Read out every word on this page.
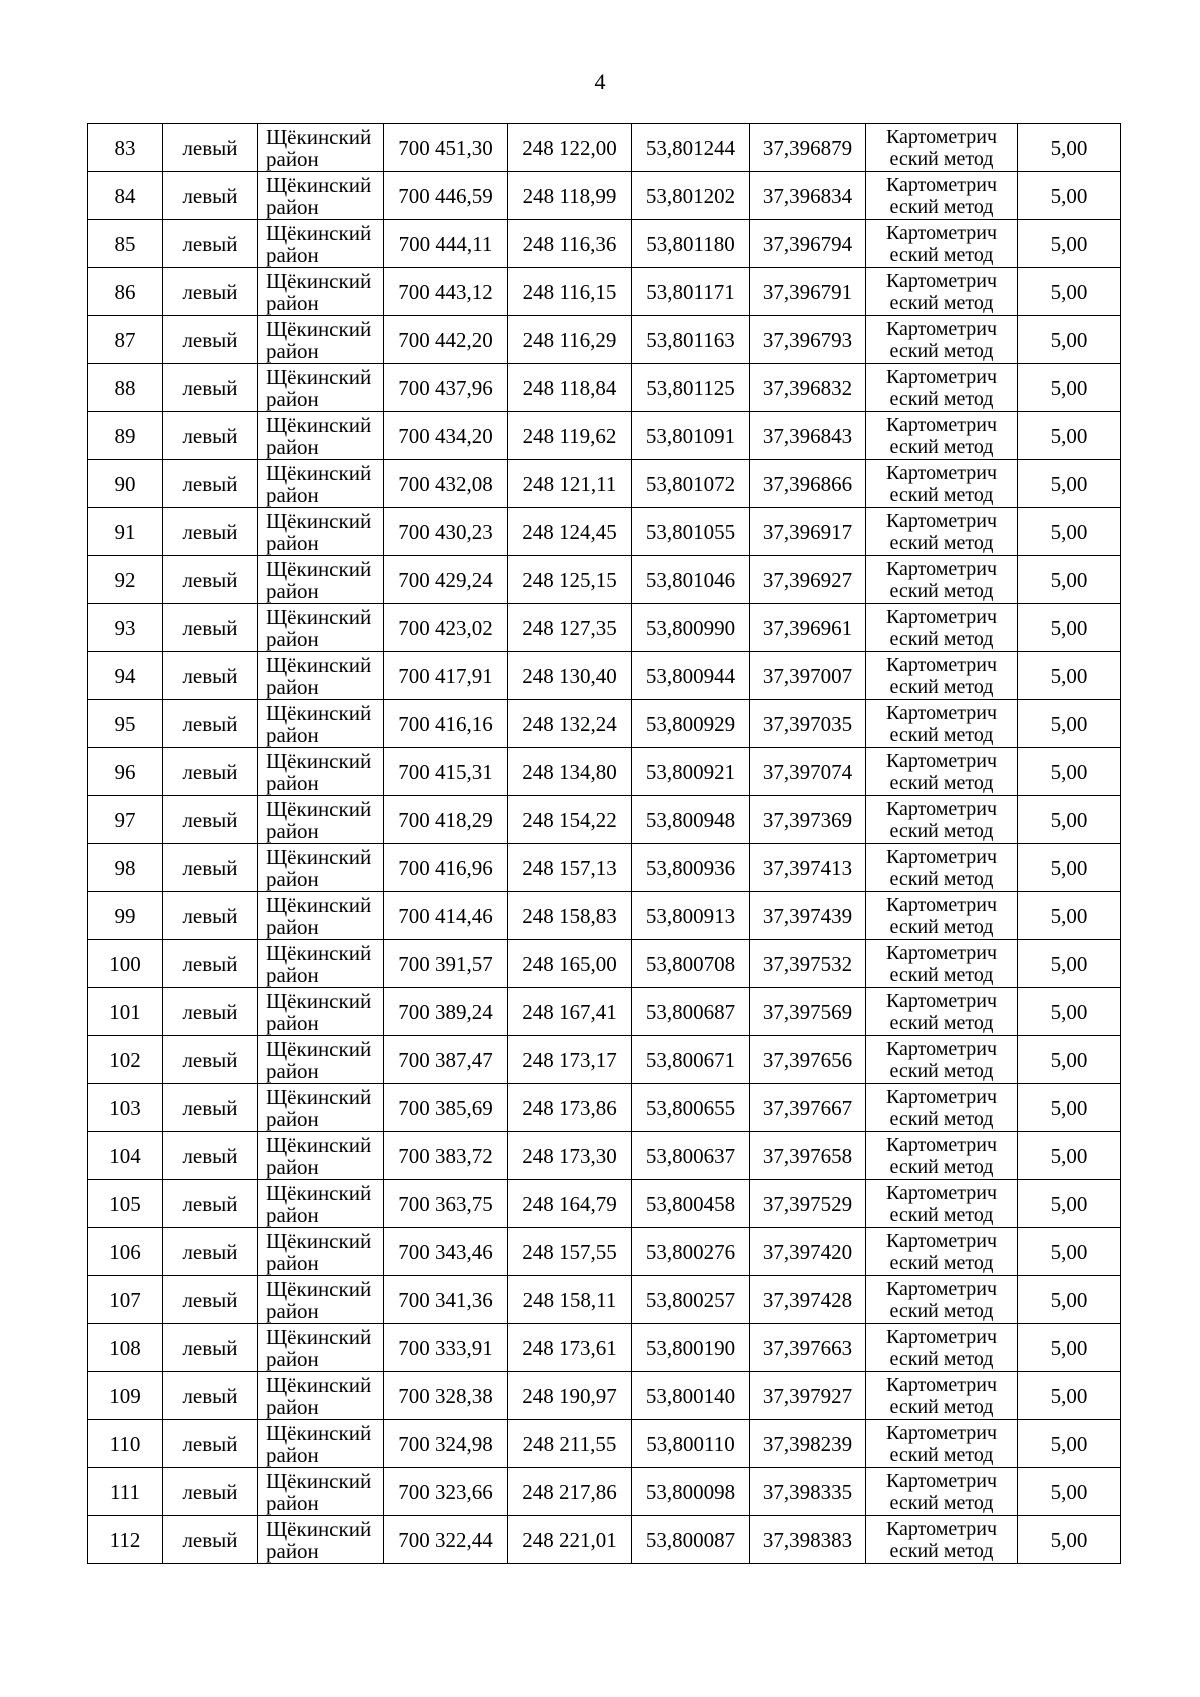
4
83	левый	Щёкинский район	700 451,30	248 122,00	53,801244	37,396879	Картометрич еский метод	5,00
84	левый	Щёкинский район	700 446,59	248 118,99	53,801202	37,396834	Картометрич еский метод	5,00
85	левый	Щёкинский район	700 444,11	248 116,36	53,801180	37,396794	Картометрич еский метод	5,00
86	левый	Щёкинский район	700 443,12	248 116,15	53,801171	37,396791	Картометрич еский метод	5,00
87	левый	Щёкинский район	700 442,20	248 116,29	53,801163	37,396793	Картометрич еский метод	5,00
88	левый	Щёкинский район	700 437,96	248 118,84	53,801125	37,396832	Картометрич еский метод	5,00
89	левый	Щёкинский район	700 434,20	248 119,62	53,801091	37,396843	Картометрич еский метод	5,00
90	левый	Щёкинский район	700 432,08	248 121,11	53,801072	37,396866	Картометрич еский метод	5,00
91	левый	Щёкинский район	700 430,23	248 124,45	53,801055	37,396917	Картометрич еский метод	5,00
92	левый	Щёкинский район	700 429,24	248 125,15	53,801046	37,396927	Картометрич еский метод	5,00
93	левый	Щёкинский район	700 423,02	248 127,35	53,800990	37,396961	Картометрич еский метод	5,00
94	левый	Щёкинский район	700 417,91	248 130,40	53,800944	37,397007	Картометрич еский метод	5,00
95	левый	Щёкинский район	700 416,16	248 132,24	53,800929	37,397035	Картометрич еский метод	5,00
96	левый	Щёкинский район	700 415,31	248 134,80	53,800921	37,397074	Картометрич еский метод	5,00
97	левый	Щёкинский район	700 418,29	248 154,22	53,800948	37,397369	Картометрич еский метод	5,00
98	левый	Щёкинский район	700 416,96	248 157,13	53,800936	37,397413	Картометрич еский метод	5,00
99	левый	Щёкинский район	700 414,46	248 158,83	53,800913	37,397439	Картометрич еский метод	5,00
100	левый	Щёкинский район	700 391,57	248 165,00	53,800708	37,397532	Картометрич еский метод	5,00
101	левый	Щёкинский район	700 389,24	248 167,41	53,800687	37,397569	Картометрич еский метод	5,00
102	левый	Щёкинский район	700 387,47	248 173,17	53,800671	37,397656	Картометрич еский метод	5,00
103	левый	Щёкинский район	700 385,69	248 173,86	53,800655	37,397667	Картометрич еский метод	5,00
104	левый	Щёкинский район	700 383,72	248 173,30	53,800637	37,397658	Картометрич еский метод	5,00
105	левый	Щёкинский район	700 363,75	248 164,79	53,800458	37,397529	Картометрич еский метод	5,00
106	левый	Щёкинский район	700 343,46	248 157,55	53,800276	37,397420	Картометрич еский метод	5,00
107	левый	Щёкинский район	700 341,36	248 158,11	53,800257	37,397428	Картометрич еский метод	5,00
108	левый	Щёкинский район	700 333,91	248 173,61	53,800190	37,397663	Картометрич еский метод	5,00
109	левый	Щёкинский район	700 328,38	248 190,97	53,800140	37,397927	Картометрич еский метод	5,00
110	левый	Щёкинский район	700 324,98	248 211,55	53,800110	37,398239	Картометрич еский метод	5,00
111	левый	Щёкинский район	700 323,66	248 217,86	53,800098	37,398335	Картометрич еский метод	5,00
112	левый	Щёкинский район	700 322,44	248 221,01	53,800087	37,398383	Картометрич еский метод	5,00
